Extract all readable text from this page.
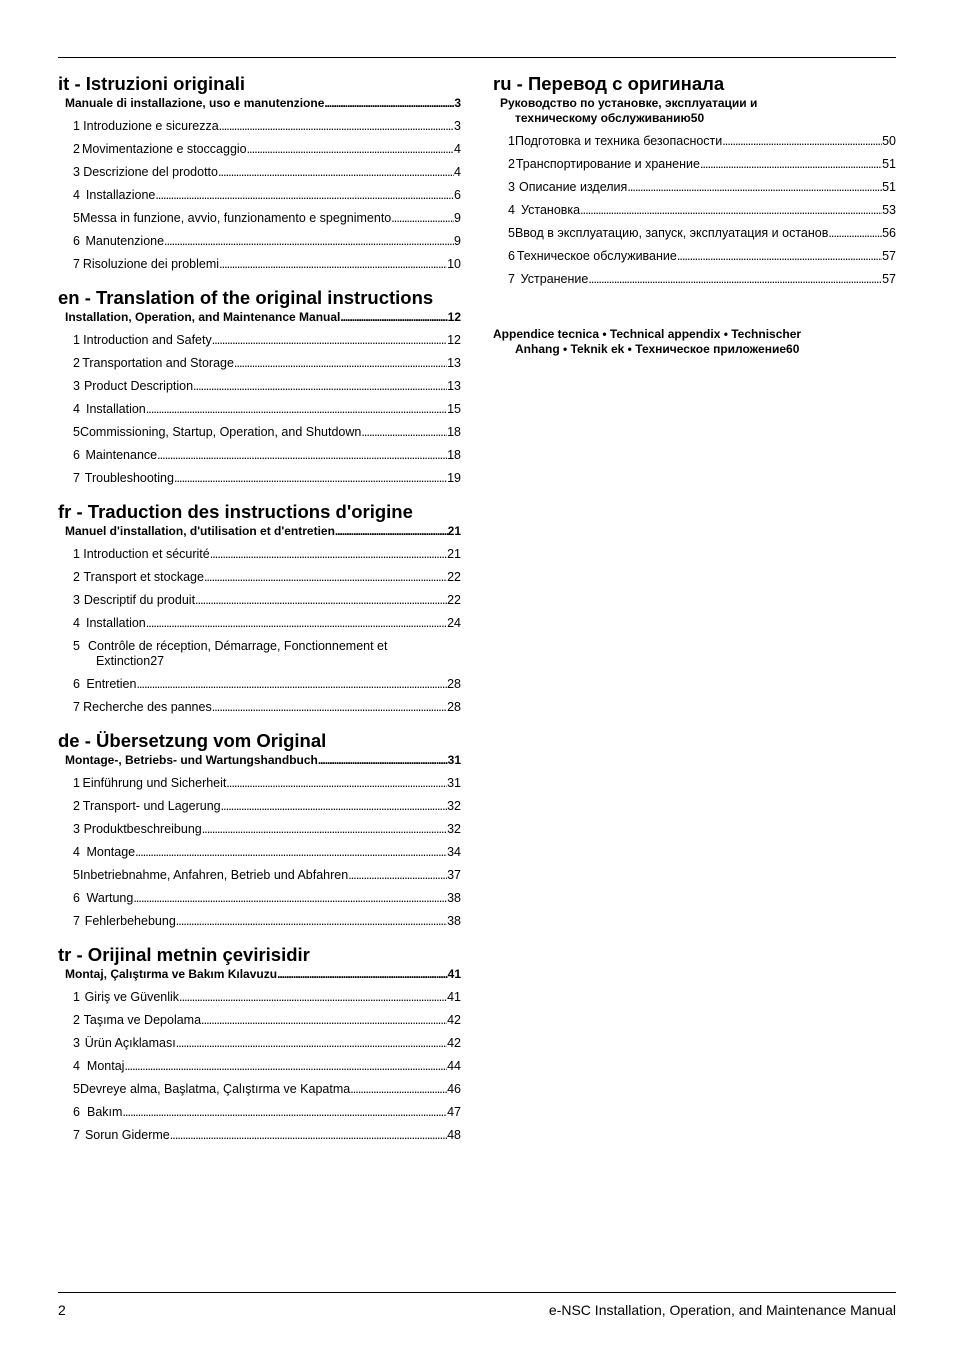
it - Istruzioni originali
Manuale di installazione, uso e manutenzione . . .	3
1 Introduzione e sicurezza . . .	3
2 Movimentazione e stoccaggio . . .	4
3 Descrizione del prodotto . . .	4
4 Installazione . . .	6
5 Messa in funzione, avvio, funzionamento e spegnimento . . .	9
6 Manutenzione . . .	9
7 Risoluzione dei problemi . . .	10
en - Translation of the original instructions
Installation, Operation, and Maintenance Manual . . .	12
1 Introduction and Safety . . .	12
2 Transportation and Storage . . .	13
3 Product Description . . .	13
4 Installation . . .	15
5 Commissioning, Startup, Operation, and Shutdown . . .	18
6 Maintenance . . .	18
7 Troubleshooting . . .	19
fr - Traduction des instructions d'origine
Manuel d'installation, d'utilisation et d'entretien . . .	21
1 Introduction et sécurité . . .	21
2 Transport et stockage . . .	22
3 Descriptif du produit . . .	22
4 Installation . . .	24
5 Contrôle de réception, Démarrage, Fonctionnement et
Extinction 27
6 Entretien . . .	28
7 Recherche des pannes . . .	28
de - Übersetzung vom Original
Montage-, Betriebs- und Wartungshandbuch . . .	31
1 Einführung und Sicherheit . . .	31
2 Transport- und Lagerung . . .	32
3 Produktbeschreibung . . .	32
4 Montage . . .	34
5 Inbetriebnahme, Anfahren, Betrieb und Abfahren . . .	37
6 Wartung . . .	38
7 Fehlerbehebung . . .	38
tr - Orijinal metnin çevirisidir
Montaj, Çalıştırma ve Bakım Kılavuzu . . .	41
1 Giriş ve Güvenlik . . .	41
2 Taşıma ve Depolama . . .	42
3 Ürün Açıklaması . . .	42
4 Montaj . . .	44
5 Devreye alma, Başlatma, Çalıştırma ve Kapatma . . .	46
6 Bakım . . .	47
7 Sorun Giderme . . .	48
ru - Перевод с оригинала
Руководство по установке, эксплуатации и
техническому обслуживанию 50
1 Подготовка и техника безопасности . . .	50
2 Транспортирование и хранение . . .	51
3 Описание изделия . . .	51
4 Установка . . .	53
5 Ввод в эксплуатацию, запуск, эксплуатация и останов . . .	56
6 Техническое обслуживание . . .	57
7 Устранение . . .	57
Appendice tecnica • Technical appendix • Technischer
Anhang • Teknik ek • Техническое приложение 60
2	e-NSC Installation, Operation, and Maintenance Manual
